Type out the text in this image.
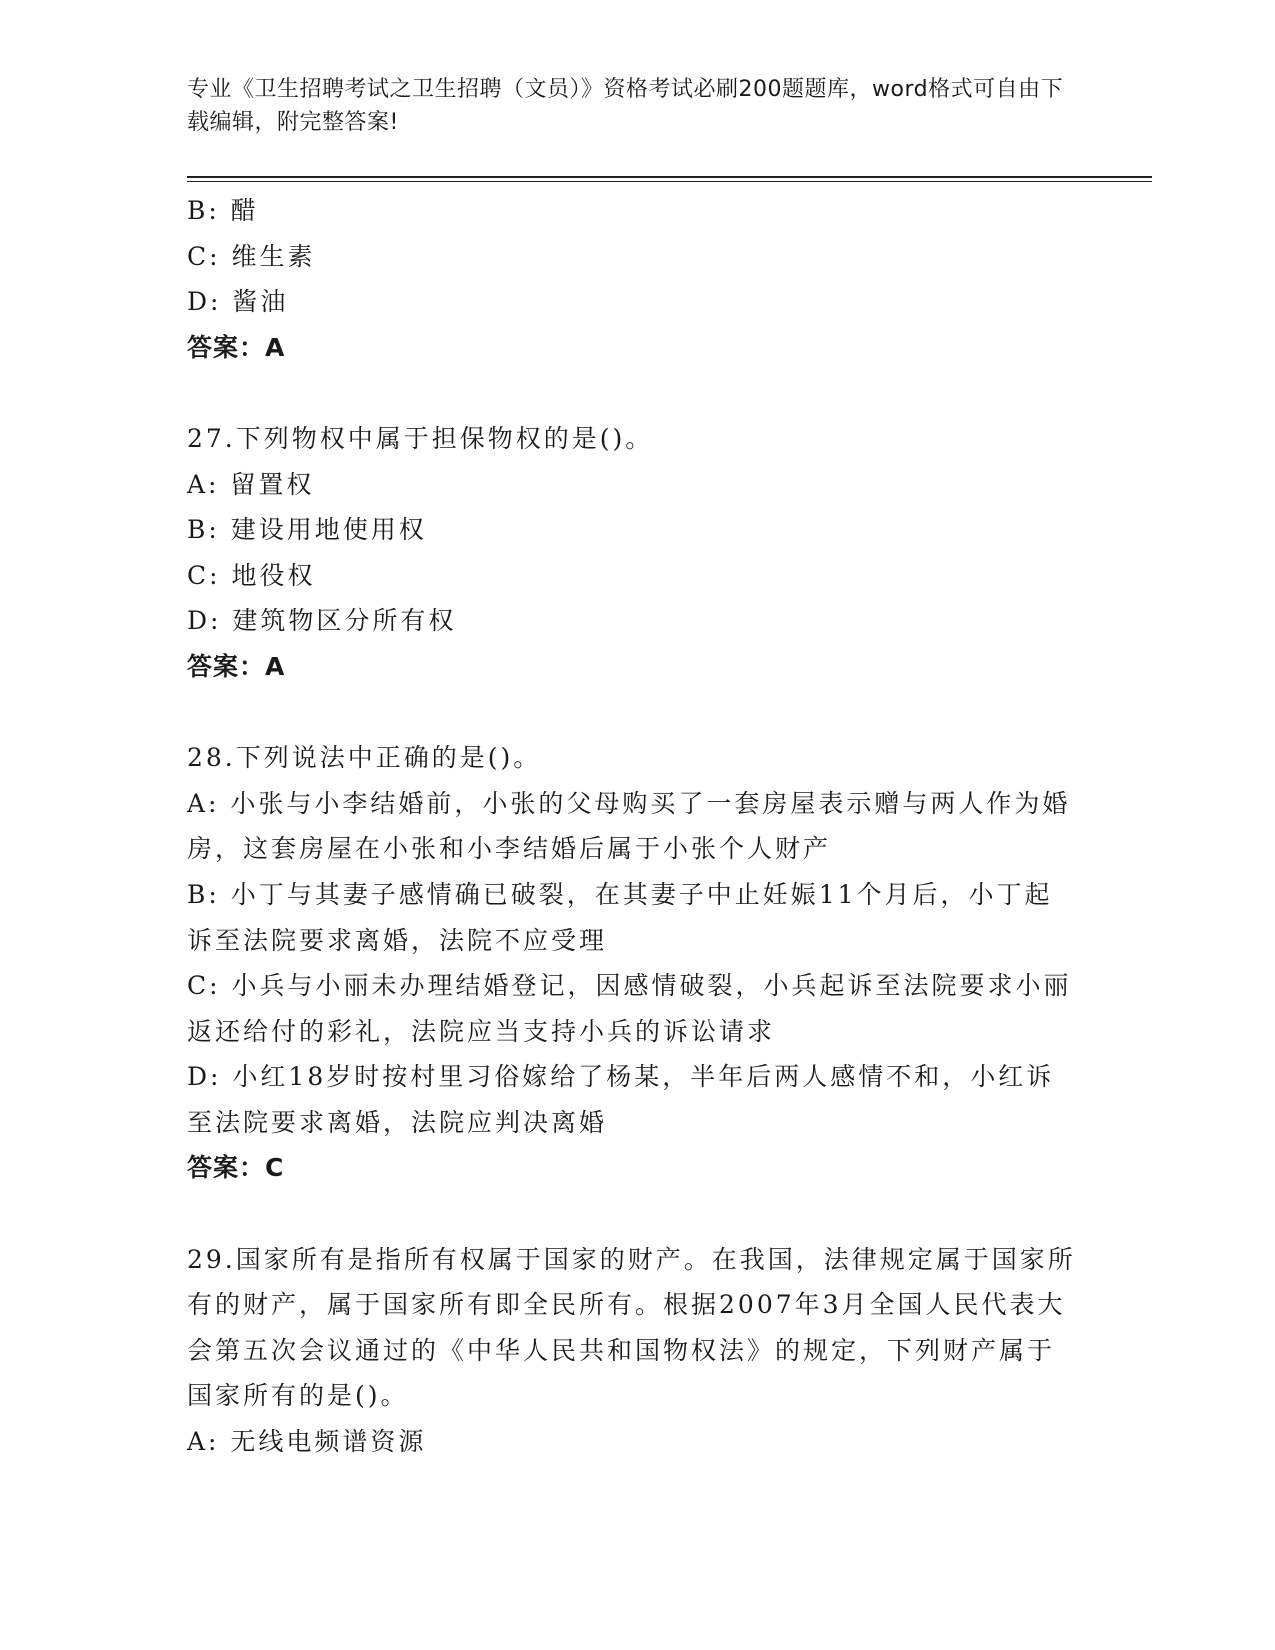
专业《卫生招聘考试之卫生招聘（文员）》资格考试必刷200题题库，word格式可自由下载编辑，附完整答案!
B: 醋
C: 维生素
D: 酱油
答案：A
27.下列物权中属于担保物权的是()。
A: 留置权
B: 建设用地使用权
C: 地役权
D: 建筑物区分所有权
答案：A
28.下列说法中正确的是()。
A: 小张与小李结婚前，小张的父母购买了一套房屋表示赠与两人作为婚房，这套房屋在小张和小李结婚后属于小张个人财产
B: 小丁与其妻子感情确已破裂，在其妻子中止妊娠11个月后，小丁起诉至法院要求离婚，法院不应受理
C: 小兵与小丽未办理结婚登记，因感情破裂，小兵起诉至法院要求小丽返还给付的彩礼，法院应当支持小兵的诉讼请求
D: 小红18岁时按村里习俗嫁给了杨某，半年后两人感情不和，小红诉至法院要求离婚，法院应判决离婚
答案：C
29.国家所有是指所有权属于国家的财产。在我国，法律规定属于国家所有的财产，属于国家所有即全民所有。根据2007年3月全国人民代表大会第五次会议通过的《中华人民共和国物权法》的规定，下列财产属于国家所有的是()。
A: 无线电频谱资源
